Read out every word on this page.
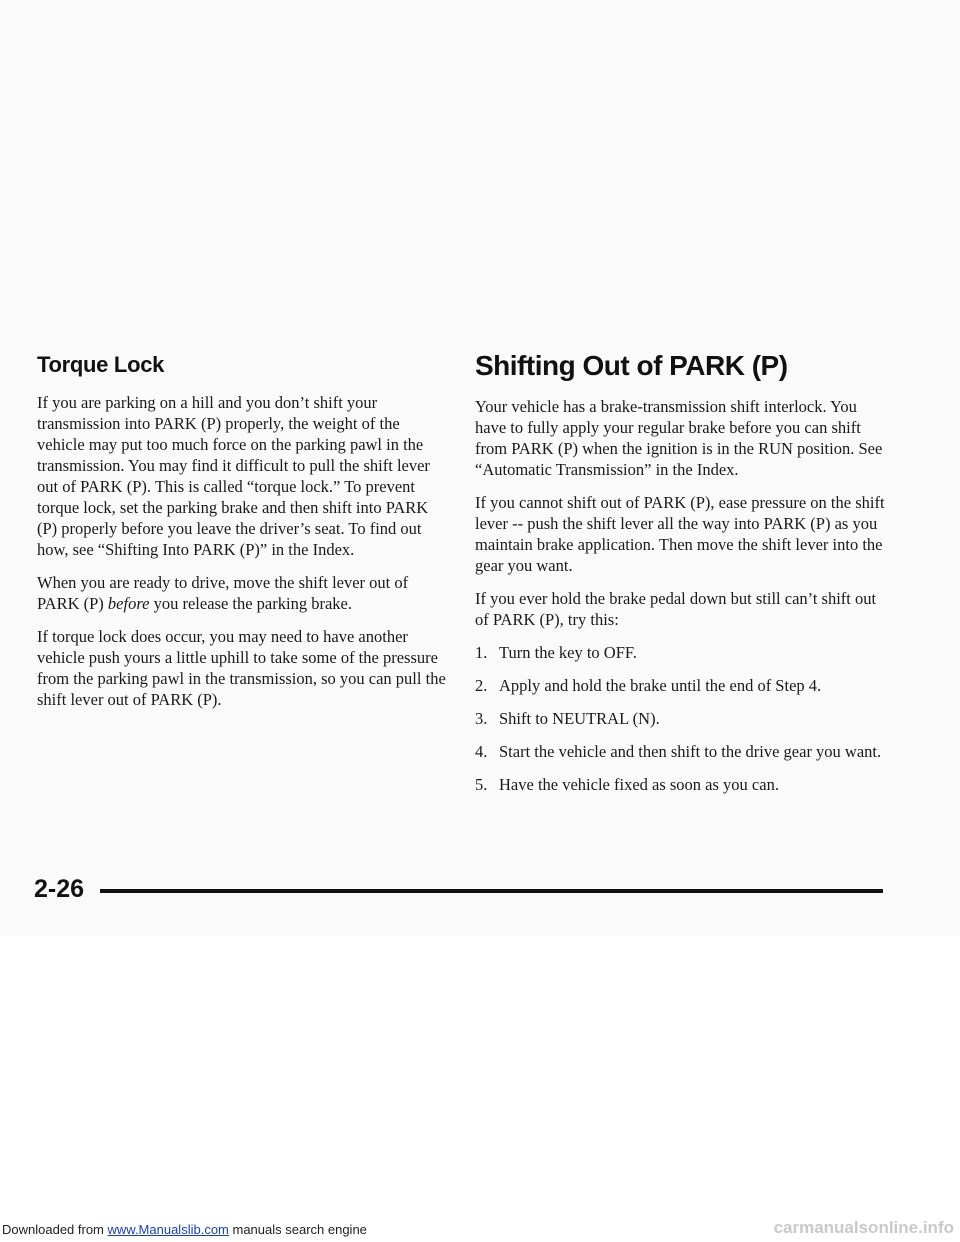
Torque Lock

If you are parking on a hill and you don’t shift your transmission into PARK (P) properly, the weight of the vehicle may put too much force on the parking pawl in the transmission. You may find it difficult to pull the shift lever out of PARK (P). This is called “torque lock.” To prevent torque lock, set the parking brake and then shift into PARK (P) properly before you leave the driver’s seat. To find out how, see “Shifting Into PARK (P)” in the Index.

When you are ready to drive, move the shift lever out of PARK (P) before you release the parking brake.

If torque lock does occur, you may need to have another vehicle push yours a little uphill to take some of the pressure from the parking pawl in the transmission, so you can pull the shift lever out of PARK (P).

Shifting Out of PARK (P)

Your vehicle has a brake-transmission shift interlock. You have to fully apply your regular brake before you can shift from PARK (P) when the ignition is in the RUN position. See “Automatic Transmission” in the Index.

If you cannot shift out of PARK (P), ease pressure on the shift lever -- push the shift lever all the way into PARK (P) as you maintain brake application. Then move the shift lever into the gear you want.

If you ever hold the brake pedal down but still can’t shift out of PARK (P), try this:

1. Turn the key to OFF.
2. Apply and hold the brake until the end of Step 4.
3. Shift to NEUTRAL (N).
4. Start the vehicle and then shift to the drive gear you want.
5. Have the vehicle fixed as soon as you can.
2-26
Downloaded from www.Manualslib.com manuals search engine	carmanualsonline.info
